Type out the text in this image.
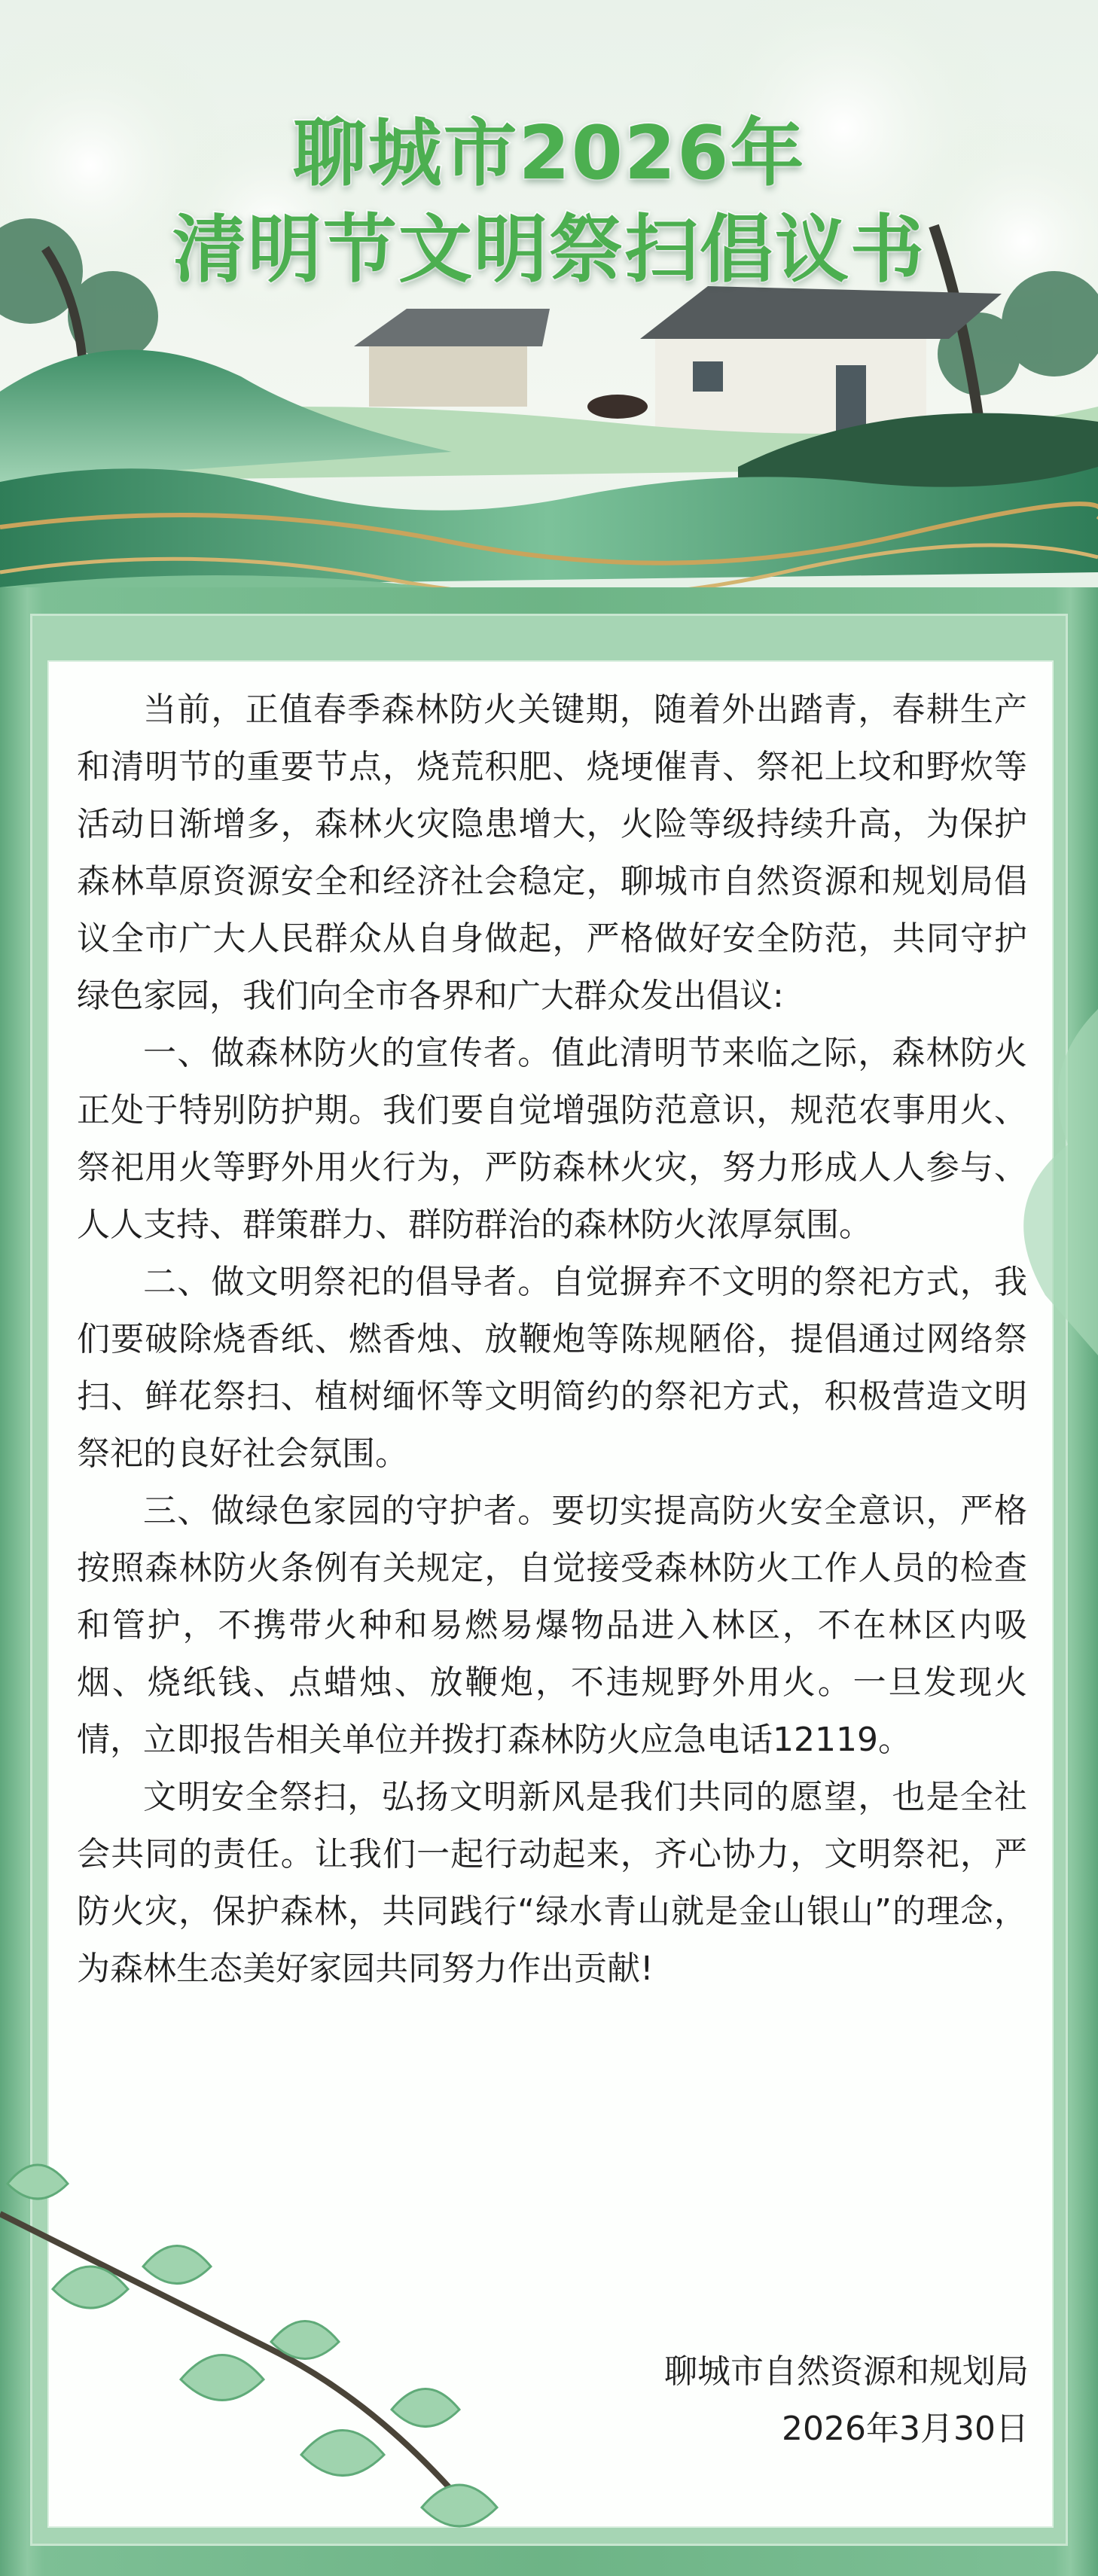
聊城市2026年
清明节文明祭扫倡议书

当前，正值春季森林防火关键期，随着外出踏青，春耕生产和清明节的重要节点，烧荒积肥、烧埂催青、祭祀上坟和野炊等活动日渐增多，森林火灾隐患增大，火险等级持续升高，为保护森林草原资源安全和经济社会稳定，聊城市自然资源和规划局倡议全市广大人民群众从自身做起，严格做好安全防范，共同守护绿色家园，我们向全市各界和广大群众发出倡议:

一、做森林防火的宣传者。值此清明节来临之际，森林防火正处于特别防护期。我们要自觉增强防范意识，规范农事用火、祭祀用火等野外用火行为，严防森林火灾，努力形成人人参与、人人支持、群策群力、群防群治的森林防火浓厚氛围。

二、做文明祭祀的倡导者。自觉摒弃不文明的祭祀方式，我们要破除烧香纸、燃香烛、放鞭炮等陈规陋俗，提倡通过网络祭扫、鲜花祭扫、植树缅怀等文明简约的祭祀方式，积极营造文明祭祀的良好社会氛围。

三、做绿色家园的守护者。要切实提高防火安全意识，严格按照森林防火条例有关规定，自觉接受森林防火工作人员的检查和管护，不携带火种和易燃易爆物品进入林区，不在林区内吸烟、烧纸钱、点蜡烛、放鞭炮，不违规野外用火。一旦发现火情，立即报告相关单位并拨打森林防火应急电话12119。

文明安全祭扫，弘扬文明新风是我们共同的愿望，也是全社会共同的责任。让我们一起行动起来，齐心协力，文明祭祀，严防火灾，保护森林，共同践行“绿水青山就是金山银山”的理念，为森林生态美好家园共同努力作出贡献!

聊城市自然资源和规划局
2026年3月30日
